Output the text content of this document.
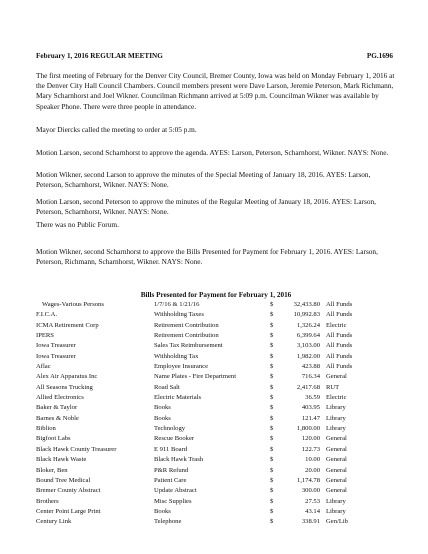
February 1, 2016 REGULAR MEETING	PG.1696
The first meeting of February for the Denver City Council, Bremer County, Iowa was held on Monday February 1, 2016 at the Denver City Hall Council Chambers. Council members present were Dave Larson, Jeremie Peterson, Mark Richmann, Mary Scharnhorst and Joel Wikner. Councilman Richmann arrived at 5:09 p.m. Councilman Wikner was available by Speaker Phone. There were three people in attendance.
Mayor Diercks called the meeting to order at 5:05 p.m.
Motion Larson, second Scharnhorst to approve the agenda. AYES: Larson, Peterson, Scharnhorst, Wikner. NAYS: None.
Motion Wikner, second Larson to approve the minutes of the Special Meeting of January 18, 2016. AYES: Larson, Peterson, Scharnhorst, Wikner. NAYS: None.
Motion Larson, second Peterson to approve the minutes of the Regular Meeting of January 18, 2016. AYES: Larson, Peterson, Scharnhorst, Wikner. NAYS: None.
There was no Public Forum.
Motion Wikner, second Scharnhorst to approve the Bills Presented for Payment for February 1, 2016. AYES: Larson, Peterson, Richmann, Scharnhorst, Wikner. NAYS: None.
Bills Presented for Payment for February 1, 2016
Wages-Various Persons	1/7/16 & 1/21/16	$	32,433.80 All Funds
F.I.C.A.	Withholding Taxes	$	10,992.83 All Funds
ICMA Retirement Corp	Retirement Contribution	$	1,326.24 Electric
IPERS	Retirement Contribution	$	6,399.64 All Funds
Iowa Treasurer	Sales Tax Reimbursement	$	3,103.00 All Funds
Iowa Treasurer	Withholding Tax	$	1,982.00 All Funds
Aflac	Employee Insurance	$	423.88 All Funds
Alex Air Apparatus Inc	Name Plates - Fire Department	$	716.34 General
All Seasons Trucking	Road Salt	$	2,417.68 RUT
Allied Electronics	Electric Materials	$	36.59 Electric
Baker & Taylor	Books	$	403.95 Library
Barnes & Noble	Books	$	121.47 Library
Biblion	Technology	$	1,800.00 Library
Bigfoot Labs	Rescue Booker	$	120.00 General
Black Hawk County Treasurer	E 911 Board	$	122.73 General
Black Hawk Waste	Black Hawk Trash	$	10.00 General
Bloker, Ben	P&R Refund	$	20.00 General
Bound Tree Medical	Patient Care	$	1,174.78 General
Bremer County Abstract	Update Abstract	$	300.00 General
Brothers	Misc Supplies	$	27.53 Library
Center Point Large Print	Books	$	43.14 Library
Century Link	Telephone	$	338.91 Gen/Lib
